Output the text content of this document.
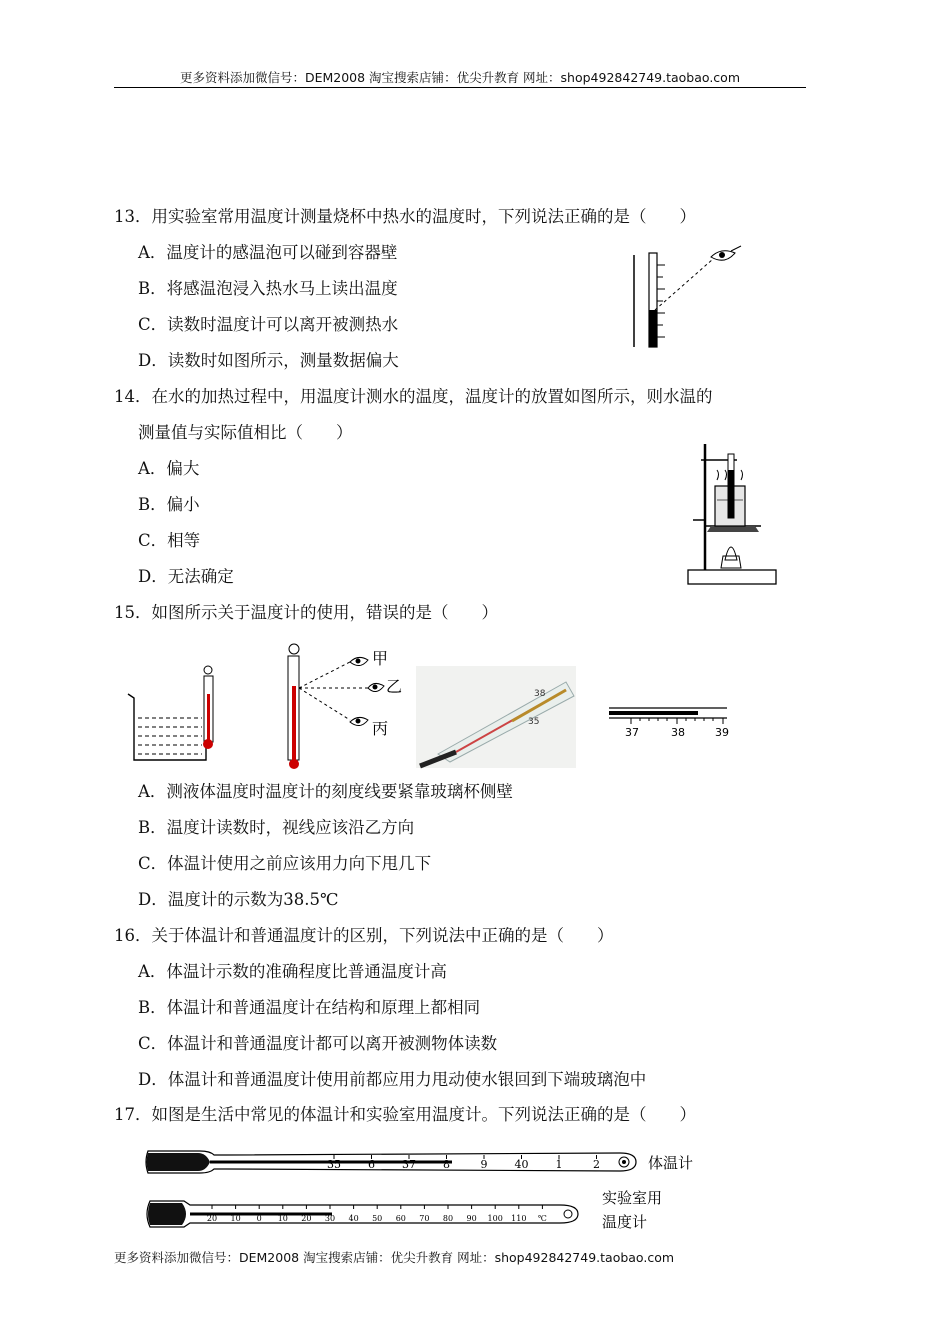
更多资料添加微信号：DEM2008 淘宝搜索店铺：优尖升教育 网址：shop492842749.taobao.com
13．用实验室常用温度计测量烧杯中热水的温度时，下列说法正确的是（　　）
A．温度计的感温泡可以碰到容器壁
B．将感温泡浸入热水马上读出温度
C．读数时温度计可以离开被测热水
D．读数时如图所示，测量数据偏大
14．在水的加热过程中，用温度计测水的温度，温度计的放置如图所示，则水温的
测量值与实际值相比（　　）
A．偏大
B．偏小
C．相等
D．无法确定
15．如图所示关于温度计的使用，错误的是（　　）
甲
乙
丙
38
35
37	38	39
A．测液体温度时温度计的刻度线要紧靠玻璃杯侧壁
B．温度计读数时，视线应该沿乙方向
C．体温计使用之前应该用力向下甩几下
D．温度计的示数为38.5℃
16．关于体温计和普通温度计的区别，下列说法中正确的是（　　）
A．体温计示数的准确程度比普通温度计高
B．体温计和普通温度计在结构和原理上都相同
C．体温计和普通温度计都可以离开被测物体读数
D．体温计和普通温度计使用前都应用力甩动使水银回到下端玻璃泡中
17．如图是生活中常见的体温计和实验室用温度计。下列说法正确的是（　　）
35 6 37 8	9 40 1	2	体温计
20 10 0 10 20 30 40 50 60 70 80 90 100 110 ℃
实验室用
温度计
更多资料添加微信号：DEM2008 淘宝搜索店铺：优尖升教育 网址：shop492842749.taobao.com
